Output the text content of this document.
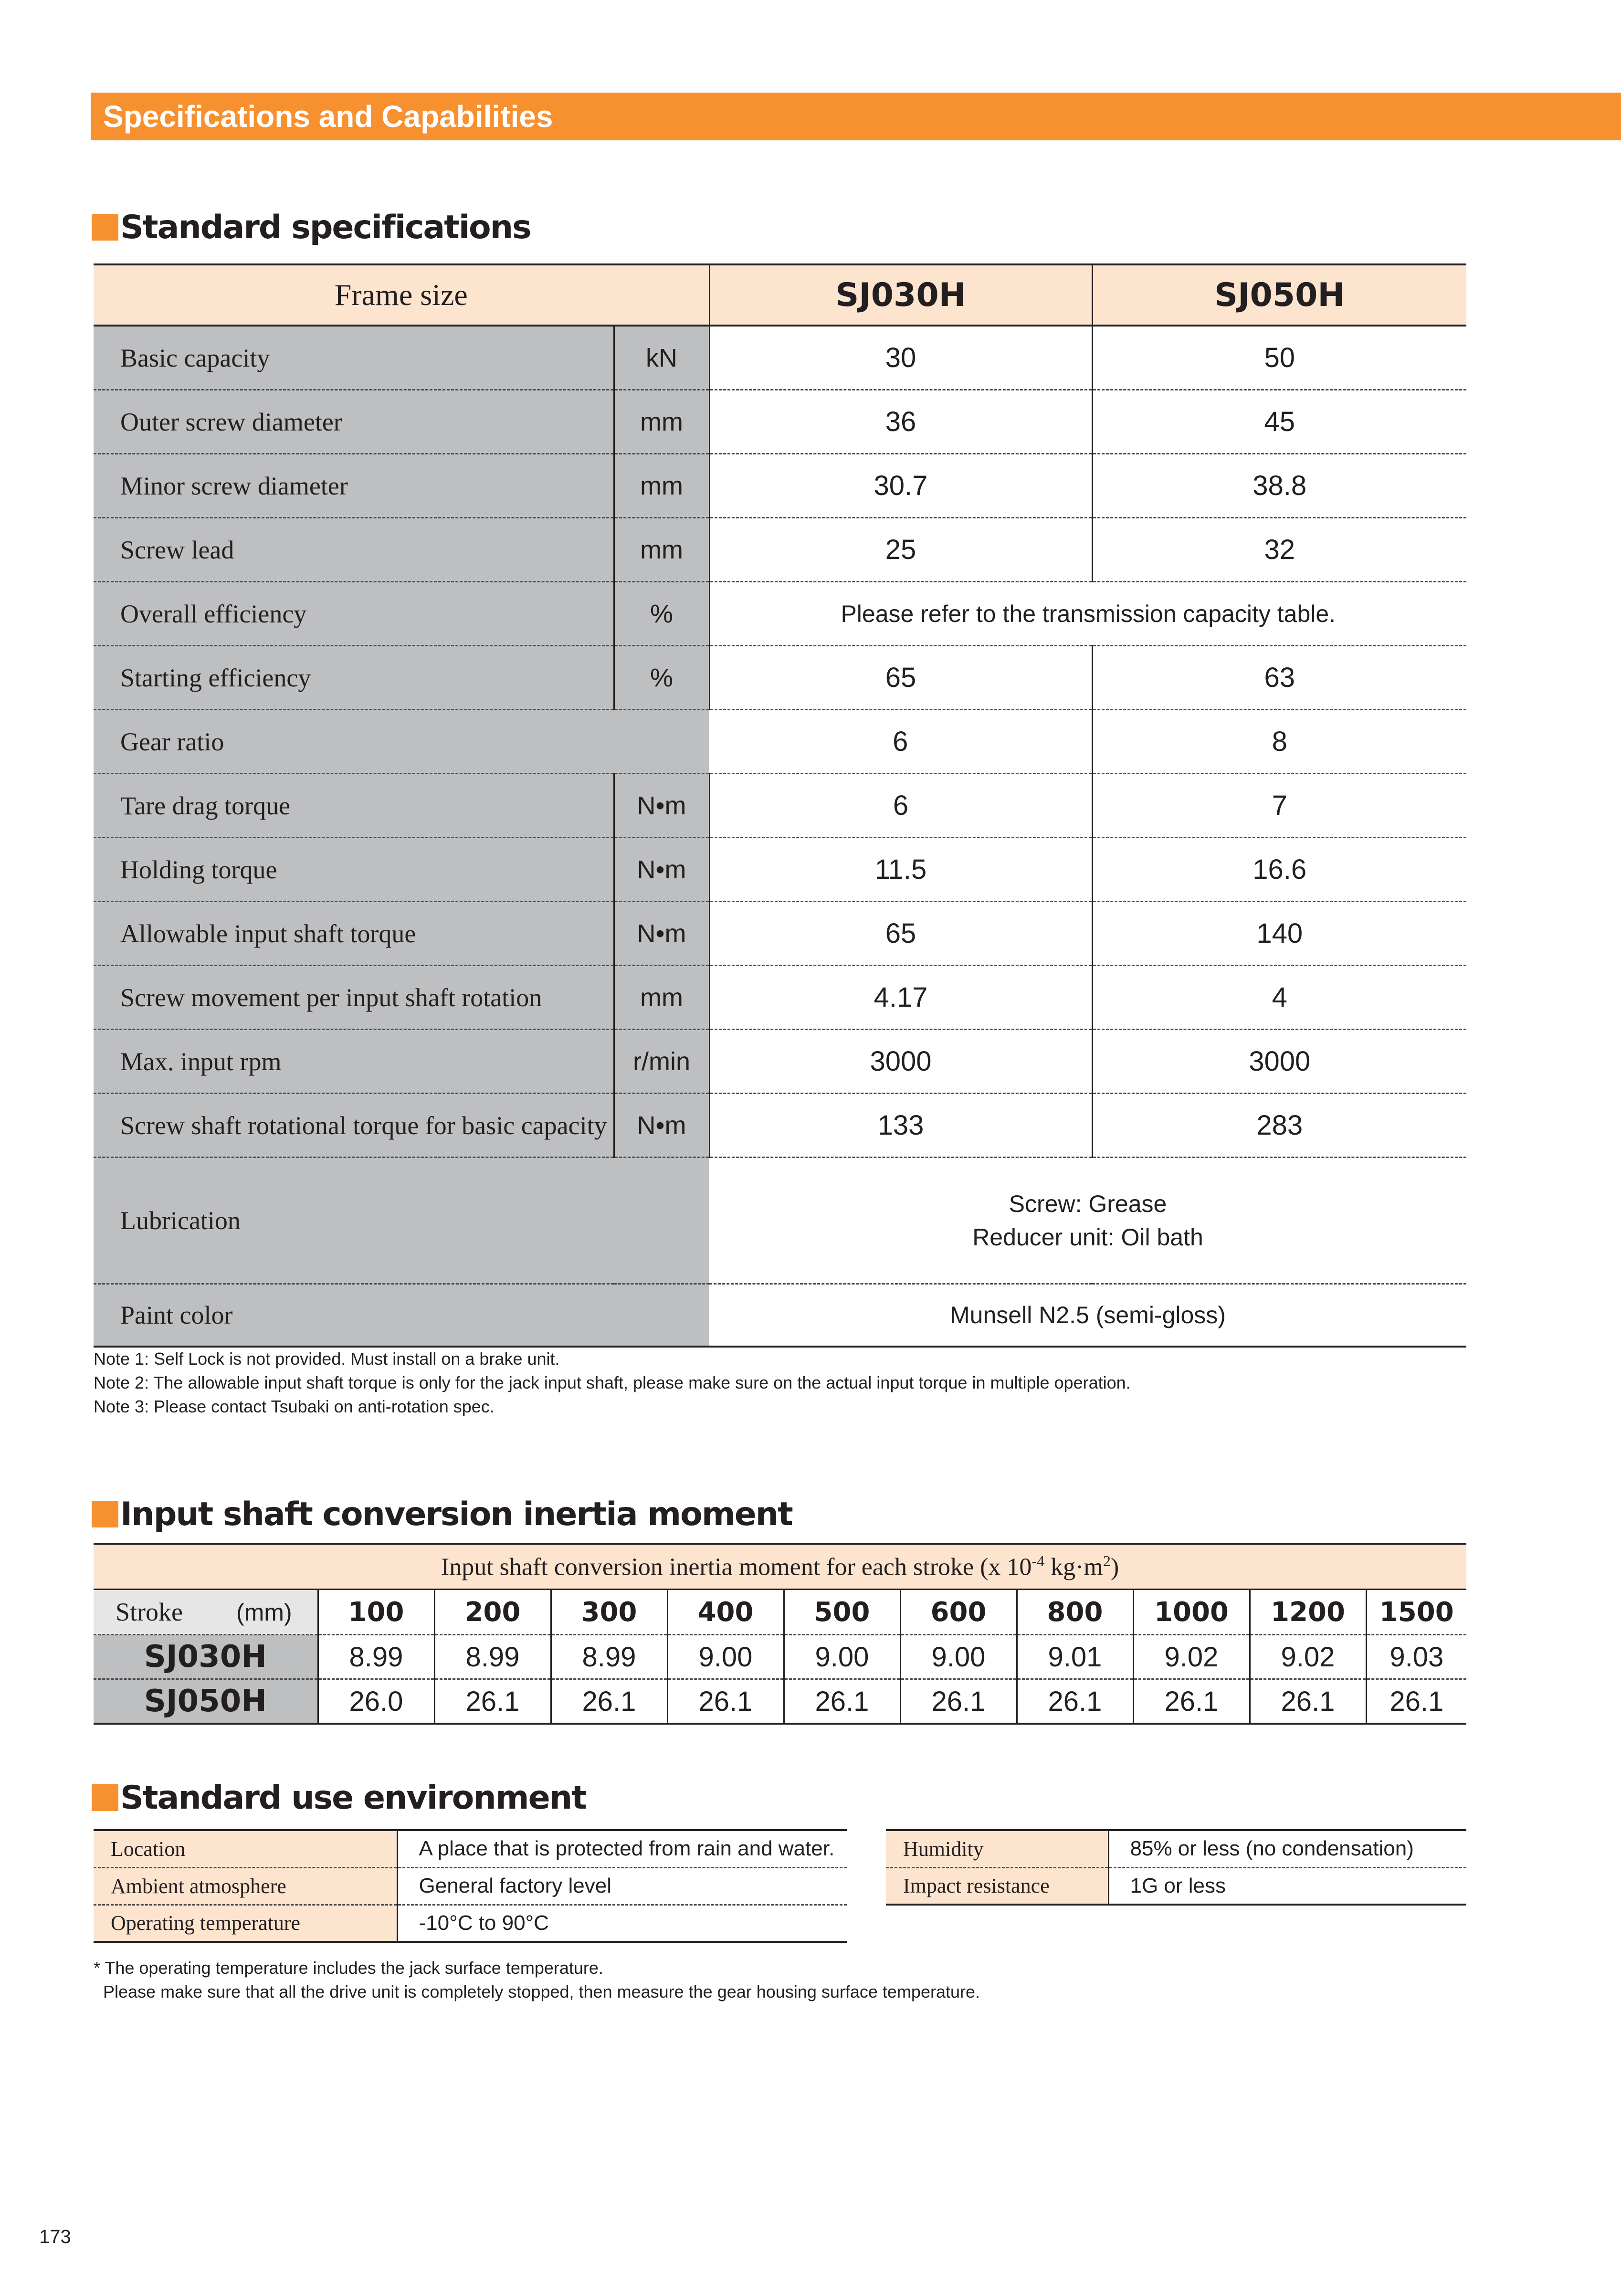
Specifications and Capabilities
Standard specifications
Frame size		SJ030H	SJ050H
Basic capacity	kN	30	50
Outer screw diameter	mm	36	45
Minor screw diameter	mm	30.7	38.8
Screw lead	mm	25	32
Overall efficiency	%	Please refer to the transmission capacity table.	
Starting efficiency	%	65	63
Gear ratio		6	8
Tare drag torque	N•m	6	7
Holding torque	N•m	11.5	16.6
Allowable input shaft torque	N•m	65	140
Screw movement per input shaft rotation	mm	4.17	4
Max. input rpm	r/min	3000	3000
Screw shaft rotational torque for basic capacity	N•m	133	283
Lubrication		Screw: Grease
Reducer unit: Oil bath	

Paint color		Munsell N2.5 (semi-gloss)	
Note 1: Self Lock is not provided. Must install on a brake unit.
Note 2: The allowable input shaft torque is only for the jack input shaft, please make sure on the actual input torque in multiple operation.
Note 3: Please contact Tsubaki on anti-rotation spec.
Input shaft conversion inertia moment
Input shaft conversion inertia moment for each stroke (x $10^{-4}$ $kg\cdot m^2$)										
Stroke (mm)	100	200	300	400	500	600	800	1000	1200	1500
SJ030H	8.99	8.99	8.99	9.00	9.00	9.00	9.01	9.02	9.02	9.03
SJ050H	26.0	26.1	26.1	26.1	26.1	26.1	26.1	26.1	26.1	26.1
Standard use environment
Location	A place that is protected from rain and water.
Ambient atmosphere	General factory level
Operating temperature	-10°C to 90°C
Humidity	85% or less (no condensation)
Impact resistance	1G or less
* The operating temperature includes the jack surface temperature.
Please make sure that all the drive unit is completely stopped, then measure the gear housing surface temperature.
173
